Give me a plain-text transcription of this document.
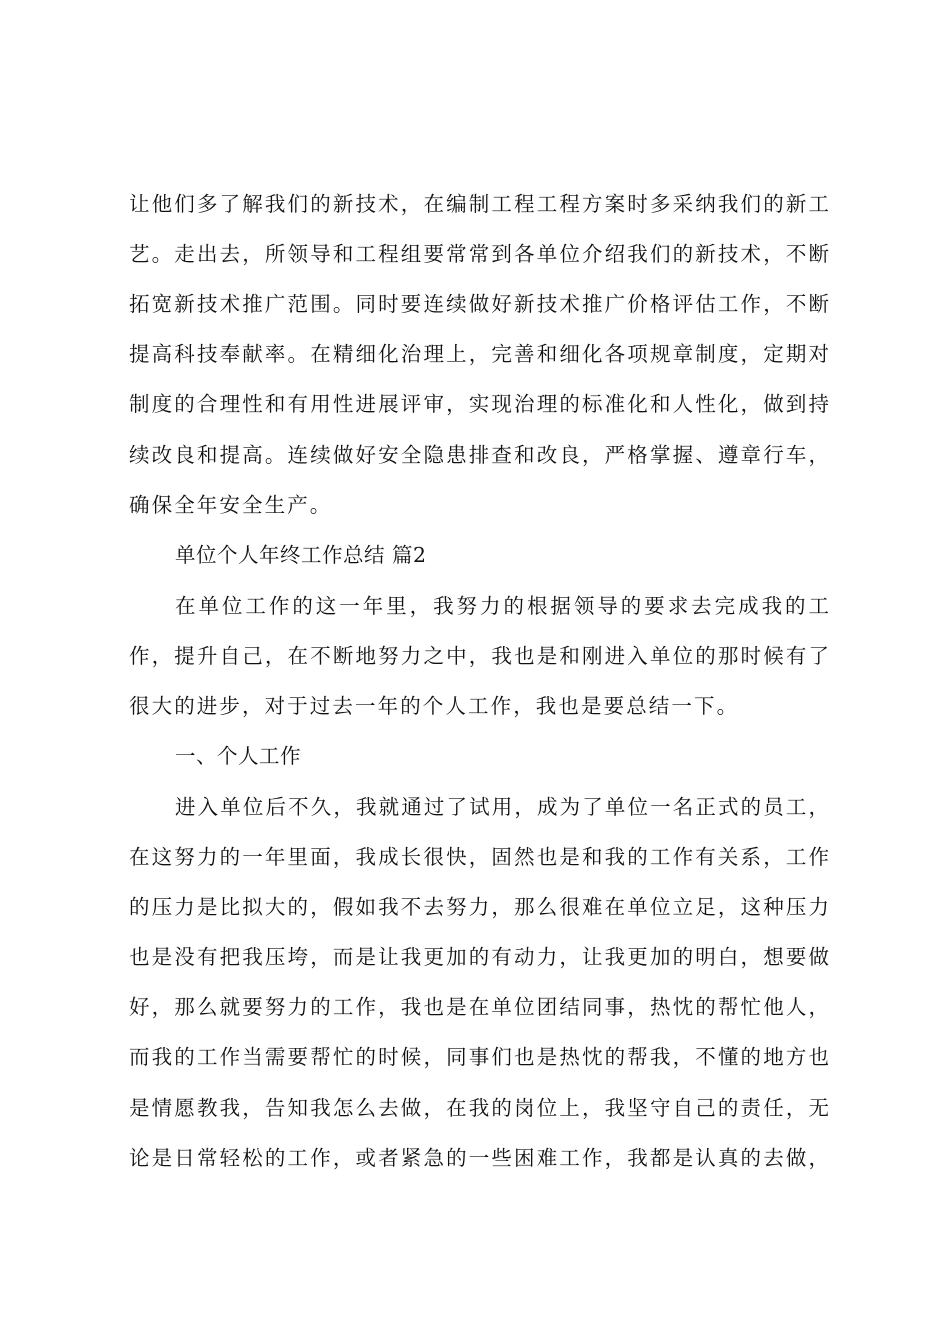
让他们多了解我们的新技术，在编制工程工程方案时多采纳我们的新工
艺。走出去，所领导和工程组要常常到各单位介绍我们的新技术，不断
拓宽新技术推广范围。同时要连续做好新技术推广价格评估工作，不断
提高科技奉献率。在精细化治理上，完善和细化各项规章制度，定期对
制度的合理性和有用性进展评审，实现治理的标准化和人性化，做到持
续改良和提高。连续做好安全隐患排查和改良，严格掌握、遵章行车，
确保全年安全生产。
单位个人年终工作总结 篇2
在单位工作的这一年里，我努力的根据领导的要求去完成我的工
作，提升自己，在不断地努力之中，我也是和刚进入单位的那时候有了
很大的进步，对于过去一年的个人工作，我也是要总结一下。
一、个人工作
进入单位后不久，我就通过了试用，成为了单位一名正式的员工，
在这努力的一年里面，我成长很快，固然也是和我的工作有关系，工作
的压力是比拟大的，假如我不去努力，那么很难在单位立足，这种压力
也是没有把我压垮，而是让我更加的有动力，让我更加的明白，想要做
好，那么就要努力的工作，我也是在单位团结同事，热忱的帮忙他人，
而我的工作当需要帮忙的时候，同事们也是热忱的帮我，不懂的地方也
是情愿教我，告知我怎么去做，在我的岗位上，我坚守自己的责任，无
论是日常轻松的工作，或者紧急的一些困难工作，我都是认真的去做，
